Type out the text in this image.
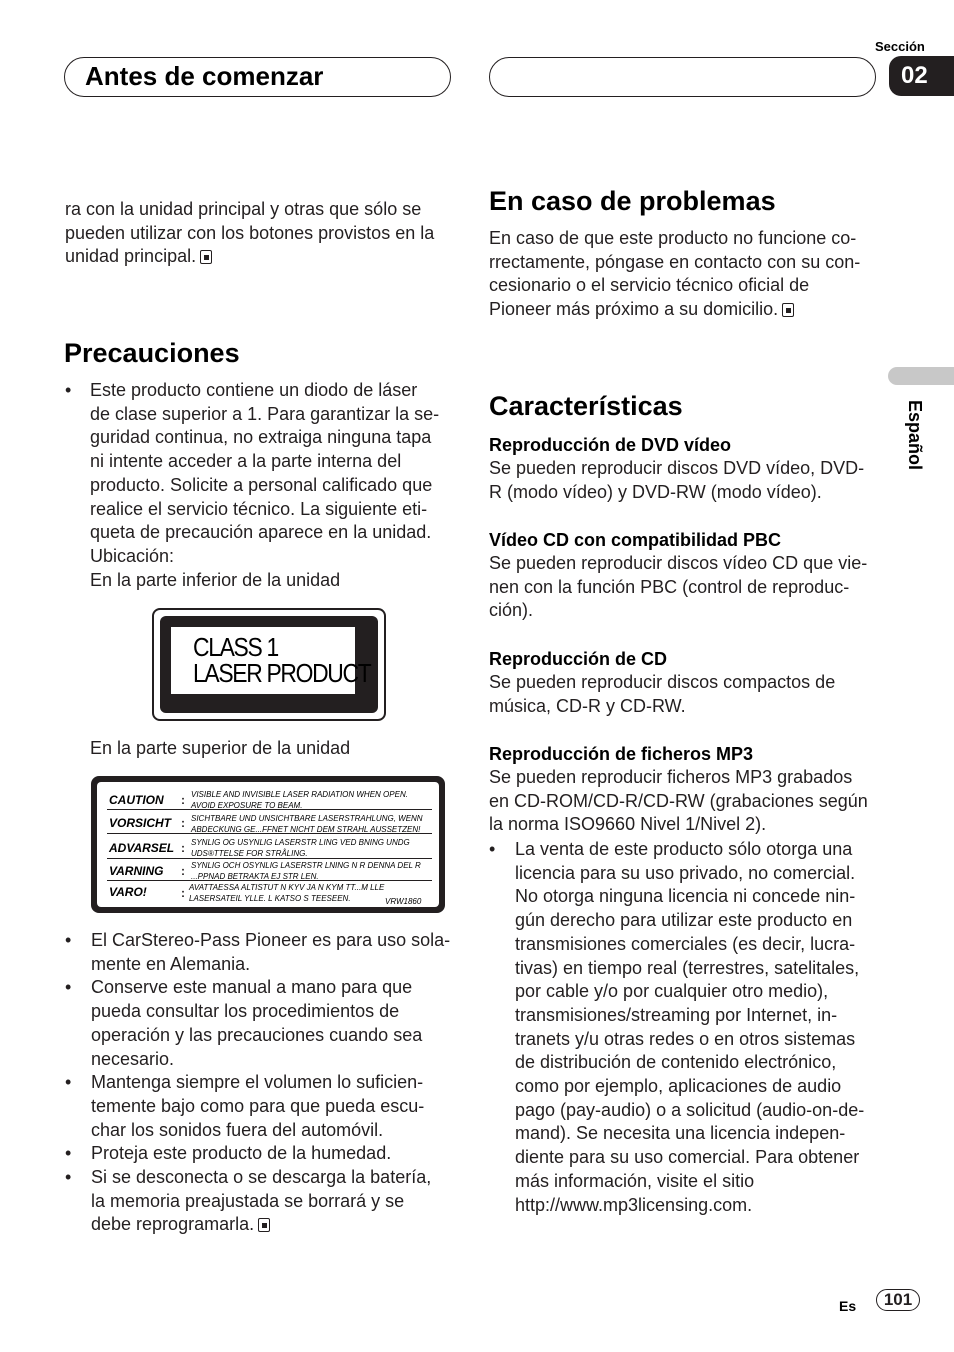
Sección
Antes de comenzar	02
Español
ra con la unidad principal y otras que sólo se pueden utilizar con los botones provistos en la unidad principal.
Precauciones
• Este producto contiene un diodo de láser
de clase superior a 1. Para garantizar la se-
guridad continua, no extraiga ninguna tapa
ni intente acceder a la parte interna del
producto. Solicite a personal calificado que
realice el servicio técnico. La siguiente eti-
queta de precaución aparece en la unidad.
Ubicación:
En la parte inferior de la unidad
CLASS 1
LASER PRODUCT
En la parte superior de la unidad
CAUTION : VISIBLE AND INVISIBLE LASER RADIATION WHEN OPEN.
AVOID EXPOSURE TO BEAM.
VORSICHT : SICHTBARE UND UNSICHTBARE LASERSTRAHLUNG, WENN
ABDECKUNG GE...FFNET NICHT DEM STRAHL AUSSETZEN!
ADVARSEL : SYNLIG OG USYNLIG LASERSTR LING VED BNING UNDG
UDS®TTELSE FOR STRÅLING.
VARNING : SYNLIG OCH OSYNLIG LASERSTR LNING N R DENNA DEL R
...PPNAD BETRAKTA EJ STR LEN.
VARO!	: AVATTAESSA ALTISTUT N KYV JA N KYM TT...M LLE
LASERSATEIL YLLE. L KATSO S TEESEEN.	VRW1860
• El CarStereo-Pass Pioneer es para uso sola-
mente en Alemania.
• Conserve este manual a mano para que
pueda consultar los procedimientos de
operación y las precauciones cuando sea
necesario.
• Mantenga siempre el volumen lo suficien-
temente bajo como para que pueda escu-
char los sonidos fuera del automóvil.
• Proteja este producto de la humedad.
• Si se desconecta o se descarga la batería,
la memoria preajustada se borrará y se
debe reprogramarla.
En caso de problemas
En caso de que este producto no funcione co-
rrectamente, póngase en contacto con su con-
cesionario o el servicio técnico oficial de
Pioneer más próximo a su domicilio.
Características
Reproducción de DVD vídeo
Se pueden reproducir discos DVD vídeo, DVD-
R (modo vídeo) y DVD-RW (modo vídeo).
Vídeo CD con compatibilidad PBC
Se pueden reproducir discos vídeo CD que vie-
nen con la función PBC (control de reproduc-
ción).
Reproducción de CD
Se pueden reproducir discos compactos de
música, CD-R y CD-RW.
Reproducción de ficheros MP3
Se pueden reproducir ficheros MP3 grabados
en CD-ROM/CD-R/CD-RW (grabaciones según
la norma ISO9660 Nivel 1/Nivel 2).
• La venta de este producto sólo otorga una
licencia para su uso privado, no comercial.
No otorga ninguna licencia ni concede nin-
gún derecho para utilizar este producto en
transmisiones comerciales (es decir, lucra-
tivas) en tiempo real (terrestres, satelitales,
por cable y/o por cualquier otro medio),
transmisiones/streaming por Internet, in-
tranets y/u otras redes o en otros sistemas
de distribución de contenido electrónico,
como por ejemplo, aplicaciones de audio
pago (pay-audio) o a solicitud (audio-on-de-
mand). Se necesita una licencia indepen-
diente para su uso comercial. Para obtener
más información, visite el sitio
http://www.mp3licensing.com.
Es	101
